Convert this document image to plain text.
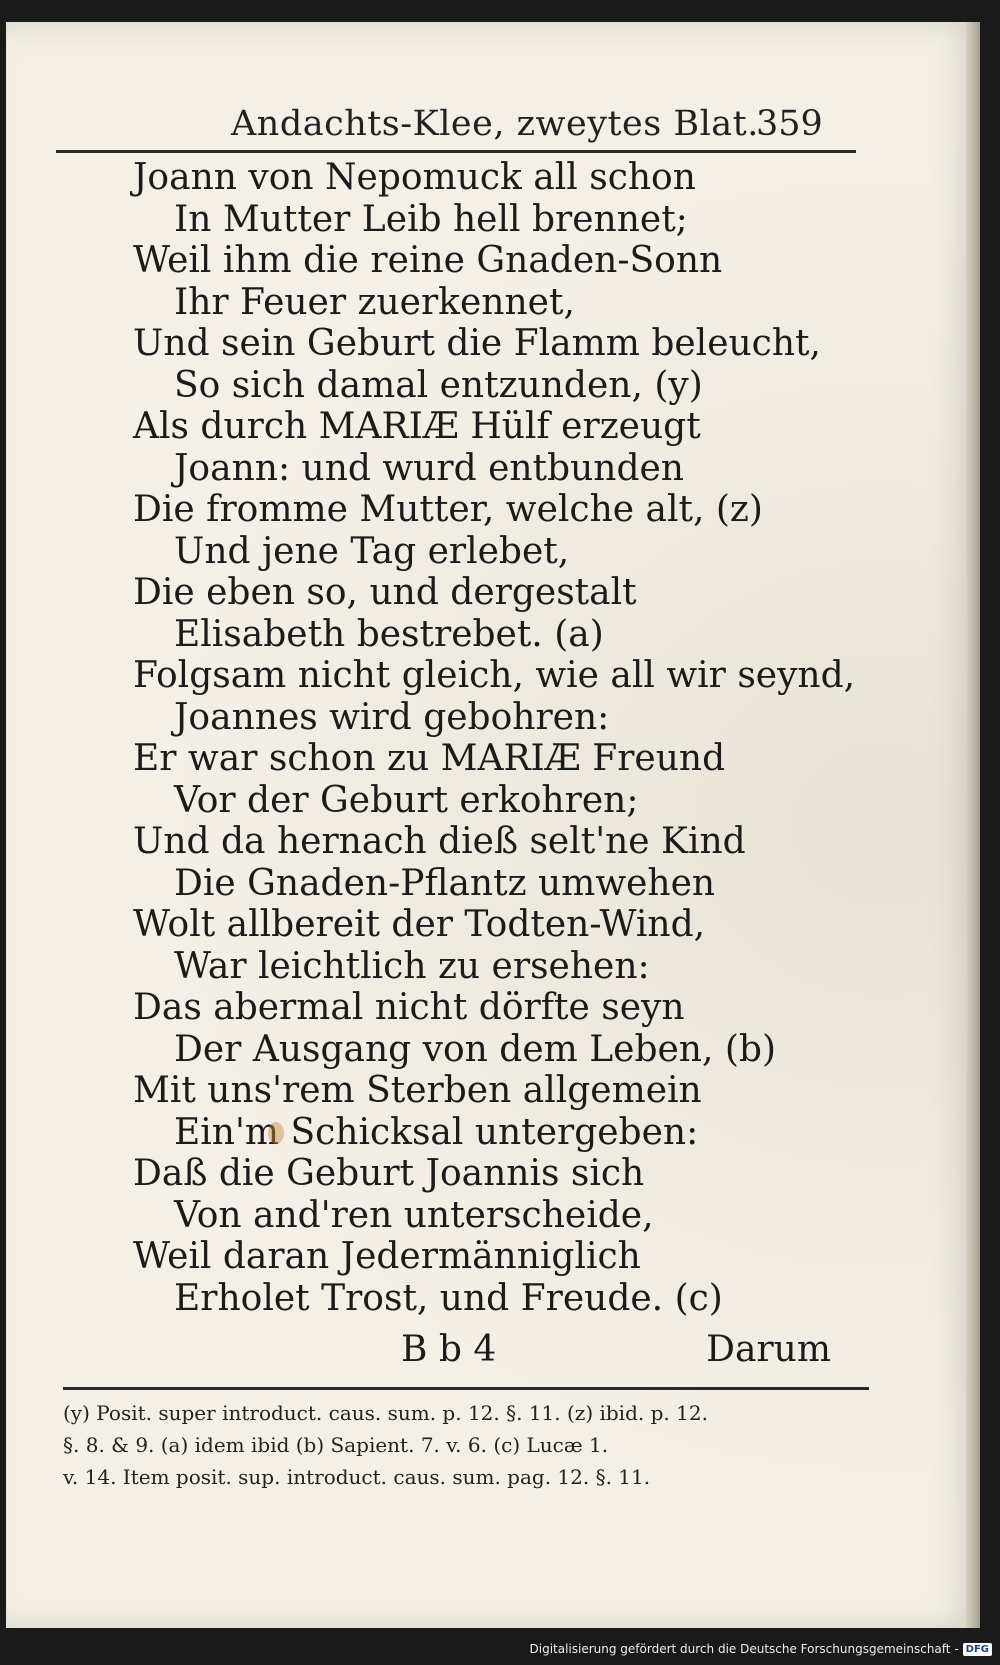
Andachts-Klee, zweytes Blat.
359
Joann von Nepomuck all schon
In Mutter Leib hell brennet;
Weil ihm die reine Gnaden-Sonn
Ihr Feuer zuerkennet,
Und sein Geburt die Flamm beleucht,
So sich damal entzunden, (y)
Als durch MARIÆ Hülf erzeugt
Joann: und wurd entbunden
Die fromme Mutter, welche alt, (z)
Und jene Tag erlebet,
Die eben so, und dergestalt
Elisabeth bestrebet. (a)
Folgsam nicht gleich, wie all wir seynd,
Joannes wird gebohren:
Er war schon zu MARIÆ Freund
Vor der Geburt erkohren;
Und da hernach dieß selt'ne Kind
Die Gnaden-Pflantz umwehen
Wolt allbereit der Todten-Wind,
War leichtlich zu ersehen:
Das abermal nicht dörfte seyn
Der Ausgang von dem Leben, (b)
Mit uns'rem Sterben allgemein
Ein'm Schicksal untergeben:
Daß die Geburt Joannis sich
Von and'ren unterscheide,
Weil daran Jedermänniglich
Erholet Trost, und Freude. (c)
B b 4	Darum
(y) Posit. super introduct. caus. sum. p. 12. §. 11. (z) ibid. p. 12.
§. 8. & 9. (a) idem ibid (b) Sapient. 7. v. 6. (c) Lucæ 1.
v. 14. Item posit. sup. introduct. caus. sum. pag. 12. §. 11.
Digitalisierung gefördert durch die Deutsche Forschungsgemeinschaft - DFG
